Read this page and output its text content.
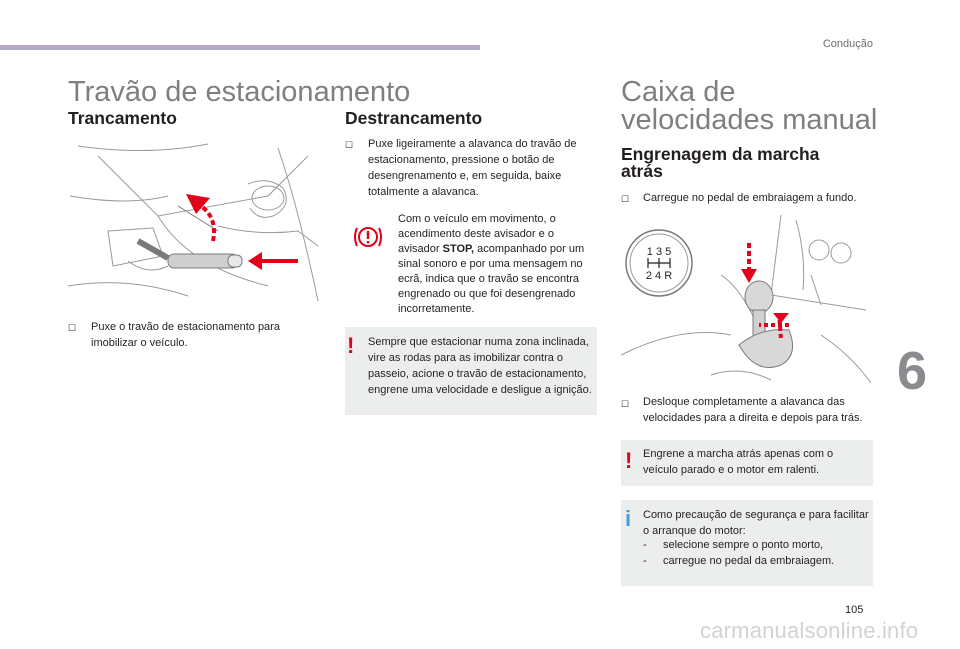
Condução
Travão de estacionamento
Trancamento
☐ Puxe o travão de estacionamento para imobilizar o veículo.
Destrancamento
☐ Puxe ligeiramente a alavanca do travão de estacionamento, pressione o botão de desengrenamento e, em seguida, baixe totalmente a alavanca.
Com o veículo em movimento, o acendimento deste avisador e o avisador STOP, acompanhado por um sinal sonoro e por uma mensagem no ecrã, indica que o travão se encontra engrenado ou que foi desengrenado incorretamente.
! Sempre que estacionar numa zona inclinada, vire as rodas para as imobilizar contra o passeio, acione o travão de estacionamento, engrene uma velocidade e desligue a ignição.
Caixa de
velocidades manual
Engrenagem da marcha
atrás
☐ Carregue no pedal de embraiagem a fundo.
1 3 5
2 4 R
☐ Desloque completamente a alavanca das velocidades para a direita e depois para trás.
! Engrene a marcha atrás apenas com o veículo parado e o motor em ralenti.
i Como precaução de segurança e para facilitar o arranque do motor:
- selecione sempre o ponto morto,
- carregue no pedal da embraiagem.
6
105
carmanualsonline.info
